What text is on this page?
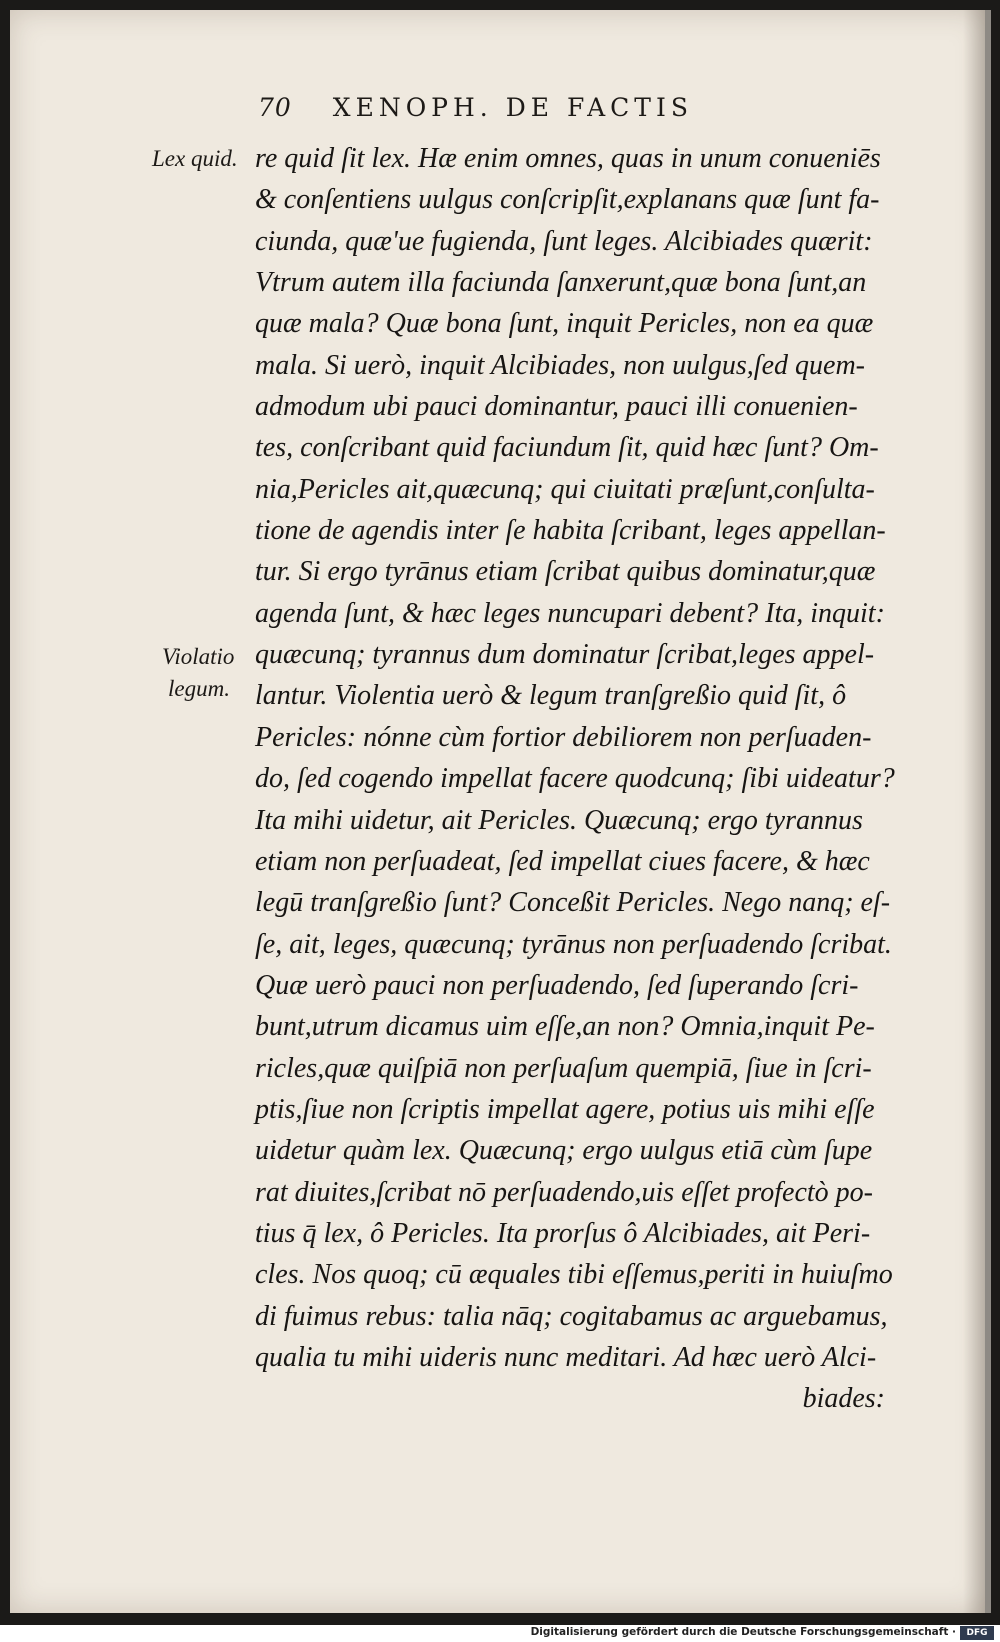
70 XENOPH. DE FACTIS
Lex quid.
Violatio
legum.
re quid ſit lex. Hæ enim omnes, quas in unum conueniēs
& conſentiens uulgus conſcripſit,explanans quæ ſunt fa-
ciunda, quæ'ue fugienda, ſunt leges. Alcibiades quærit:
Vtrum autem illa faciunda ſanxerunt,quæ bona ſunt,an
quæ mala? Quæ bona ſunt, inquit Pericles, non ea quæ
mala. Si uerò, inquit Alcibiades, non uulgus,ſed quem-
admodum ubi pauci dominantur, pauci illi conuenien-
tes, conſcribant quid faciundum ſit, quid hæc ſunt? Om-
nia,Pericles ait,quæcunq; qui ciuitati præſunt,conſulta-
tione de agendis inter ſe habita ſcribant, leges appellan-
tur. Si ergo tyrānus etiam ſcribat quibus dominatur,quæ
agenda ſunt, & hæc leges nuncupari debent? Ita, inquit:
quæcunq; tyrannus dum dominatur ſcribat,leges appel-
lantur. Violentia uerò & legum tranſgreßio quid ſit, ô
Pericles: nónne cùm fortior debiliorem non perſuaden-
do, ſed cogendo impellat facere quodcunq; ſibi uideatur?
Ita mihi uidetur, ait Pericles. Quæcunq; ergo tyrannus
etiam non perſuadeat, ſed impellat ciues facere, & hæc
legū tranſgreßio ſunt? Conceßit Pericles. Nego nanq; eſ-
ſe, ait, leges, quæcunq; tyrānus non perſuadendo ſcribat.
Quæ uerò pauci non perſuadendo, ſed ſuperando ſcri-
bunt,utrum dicamus uim eſſe,an non? Omnia,inquit Pe-
ricles,quæ quiſpiā non perſuaſum quempiā, ſiue in ſcri-
ptis,ſiue non ſcriptis impellat agere, potius uis mihi eſſe
uidetur quàm lex. Quæcunq; ergo uulgus etiā cùm ſupe
rat diuites,ſcribat nō perſuadendo,uis eſſet profectò po-
tius q̄ lex, ô Pericles. Ita prorſus ô Alcibiades, ait Peri-
cles. Nos quoq; cū æquales tibi eſſemus,periti in huiuſmo
di fuimus rebus: talia nāq; cogitabamus ac arguebamus,
qualia tu mihi uideris nunc meditari. Ad hæc uerò Alci-
biades:
Digitalisierung gefördert durch die Deutsche Forschungsgemeinschaft ·	DFG
